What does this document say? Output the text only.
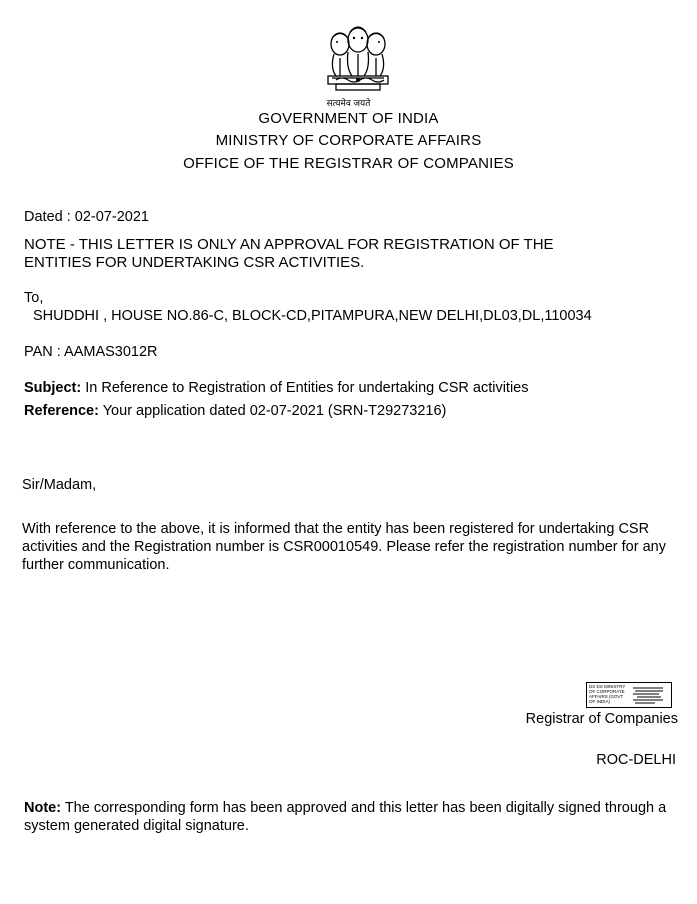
सत्यमेव जयते
GOVERNMENT OF INDIA
MINISTRY OF CORPORATE AFFAIRS
OFFICE OF THE REGISTRAR OF COMPANIES
Dated : 02-07-2021
NOTE - THIS LETTER IS ONLY AN APPROVAL FOR REGISTRATION OF THE ENTITIES FOR UNDERTAKING CSR ACTIVITIES.
To,
SHUDDHI , HOUSE NO.86-C, BLOCK-CD,PITAMPURA,NEW DELHI,DL03,DL,110034
PAN : AAMAS3012R
Subject: In Reference to Registration of Entities for undertaking CSR activities
Reference: Your application dated 02-07-2021 (SRN-T29273216)
Sir/Madam,
With reference to the above, it is informed that the entity has been registered for undertaking CSR activities and the Registration number is CSR00010549. Please refer the registration number for any further communication.
DS DS MINISTRY OF CORPORATE AFFAIRS (GOVT OF INDIA)
Registrar of Companies
ROC-DELHI
Note: The corresponding form has been approved and this letter has been digitally signed through a system generated digital signature.
